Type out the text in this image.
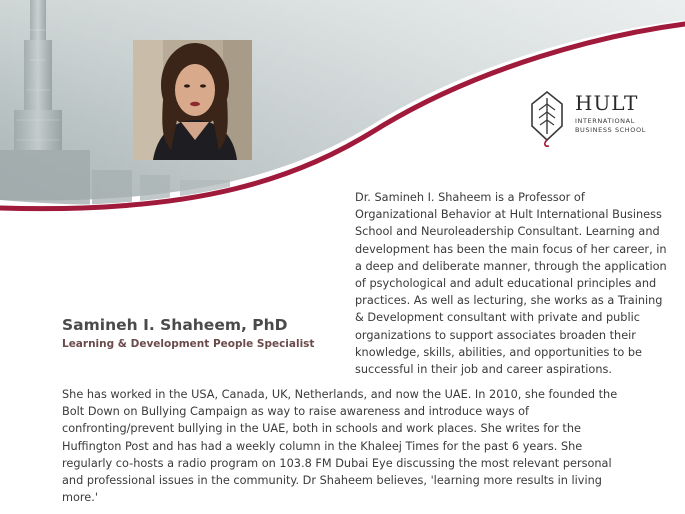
HULT
INTERNATIONAL
BUSINESS SCHOOL
Dr. Samineh I. Shaheem is a Professor of Organizational Behavior at Hult International Business School and Neuroleadership Consultant. Learning and development has been the main focus of her career, in a deep and deliberate manner, through the application of psychological and adult educational principles and practices. As well as lecturing, she works as a Training & Development consultant with private and public organizations to support associates broaden their knowledge, skills, abilities, and opportunities to be successful in their job and career aspirations.
Samineh I. Shaheem, PhD
Learning & Development People Specialist
She has worked in the USA, Canada, UK, Netherlands, and now the UAE. In 2010, she founded the Bolt Down on Bullying Campaign as way to raise awareness and introduce ways of confronting/prevent bullying in the UAE, both in schools and work places. She writes for the Huffington Post and has had a weekly column in the Khaleej Times for the past 6 years. She regularly co-hosts a radio program on 103.8 FM Dubai Eye discussing the most relevant personal and professional issues in the community. Dr Shaheem believes, 'learning more results in living more.'
